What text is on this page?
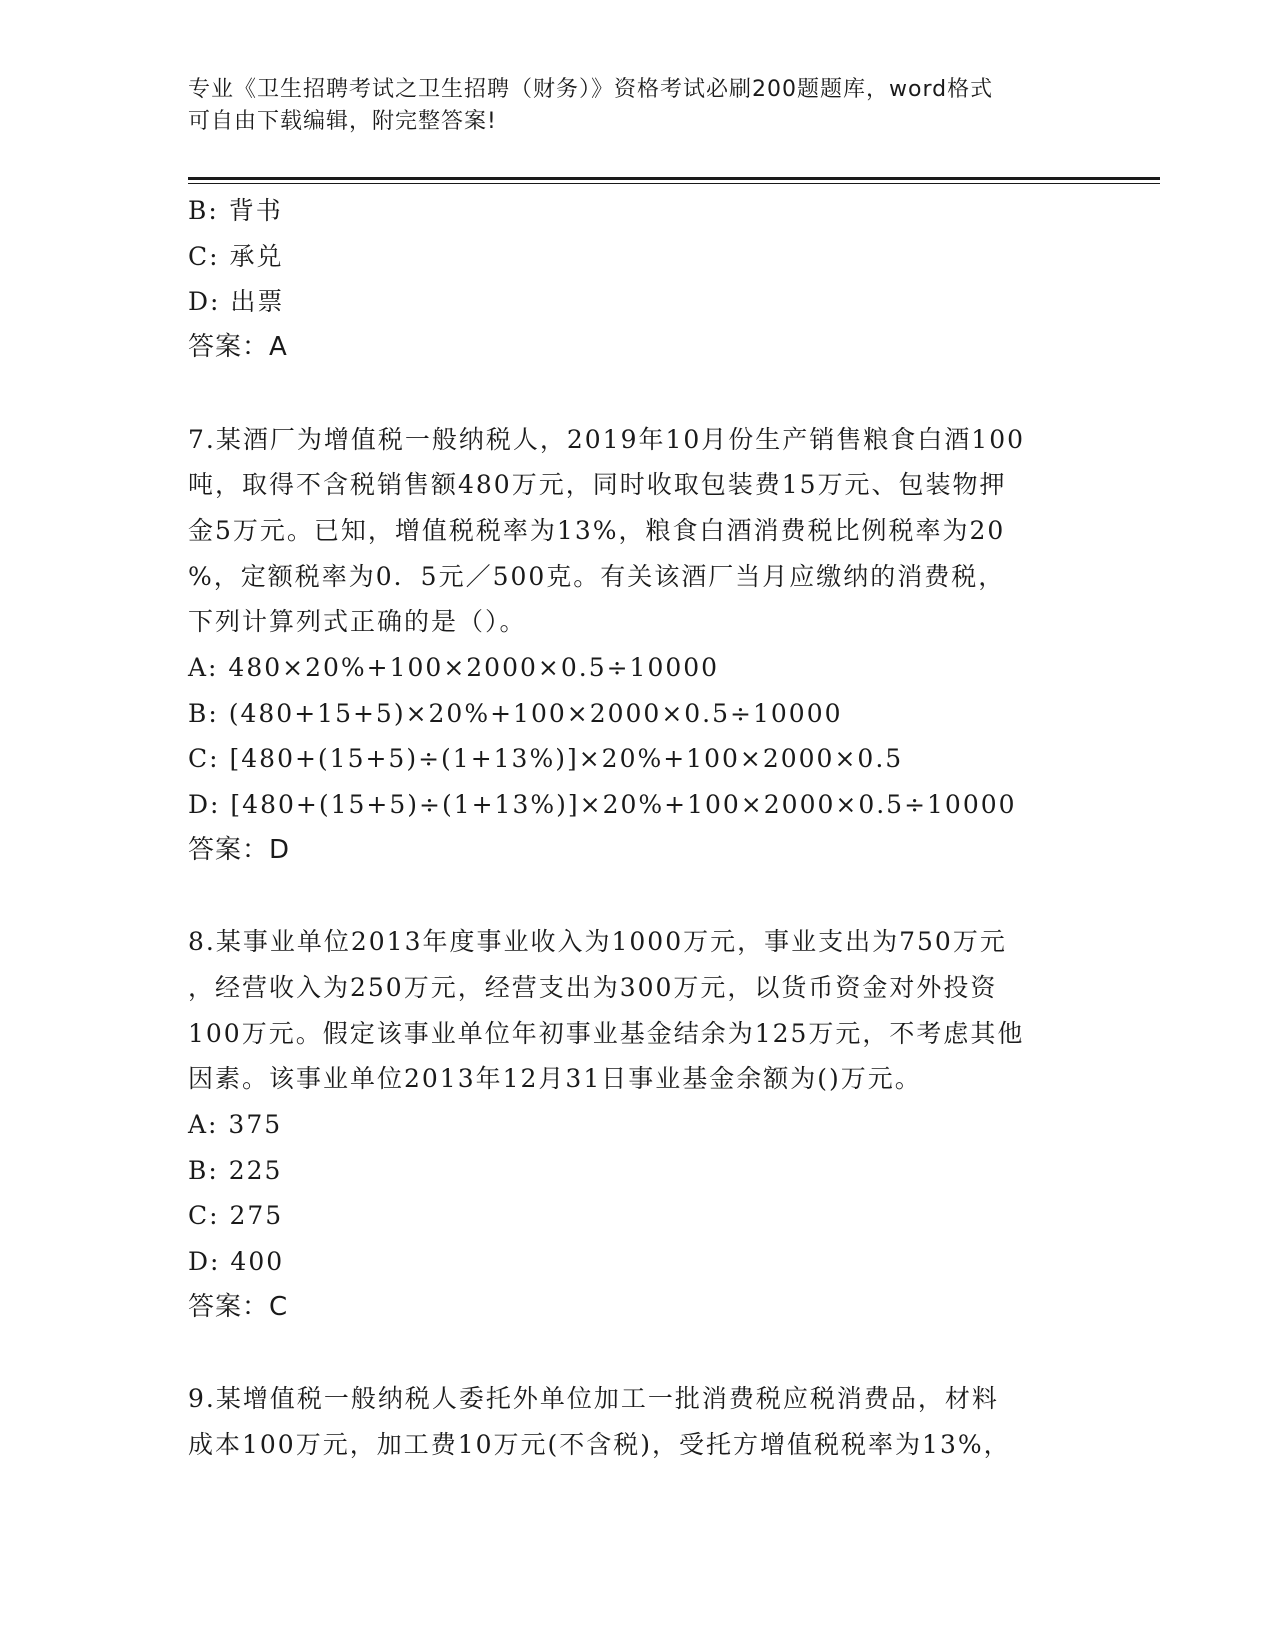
专业《卫生招聘考试之卫生招聘（财务）》资格考试必刷200题题库，word格式
可自由下载编辑，附完整答案!
B: 背书
C: 承兑
D: 出票
答案：A
7.某酒厂为增值税一般纳税人，2019年10月份生产销售粮食白酒100
吨，取得不含税销售额480万元，同时收取包装费15万元、包装物押
金5万元。已知，增值税税率为13%，粮食白酒消费税比例税率为20
%，定额税率为0．5元／500克。有关该酒厂当月应缴纳的消费税，
下列计算列式正确的是（）。
A: 480×20%+100×2000×0.5÷10000
B: (480+15+5)×20%+100×2000×0.5÷10000
C: [480+(15+5)÷(1+13%)]×20%+100×2000×0.5
D: [480+(15+5)÷(1+13%)]×20%+100×2000×0.5÷10000
答案：D
8.某事业单位2013年度事业收入为1000万元，事业支出为750万元
，经营收入为250万元，经营支出为300万元，以货币资金对外投资
100万元。假定该事业单位年初事业基金结余为125万元，不考虑其他
因素。该事业单位2013年12月31日事业基金余额为()万元。
A: 375
B: 225
C: 275
D: 400
答案：C
9.某增值税一般纳税人委托外单位加工一批消费税应税消费品，材料
成本100万元，加工费10万元(不含税)，受托方增值税税率为13%，
